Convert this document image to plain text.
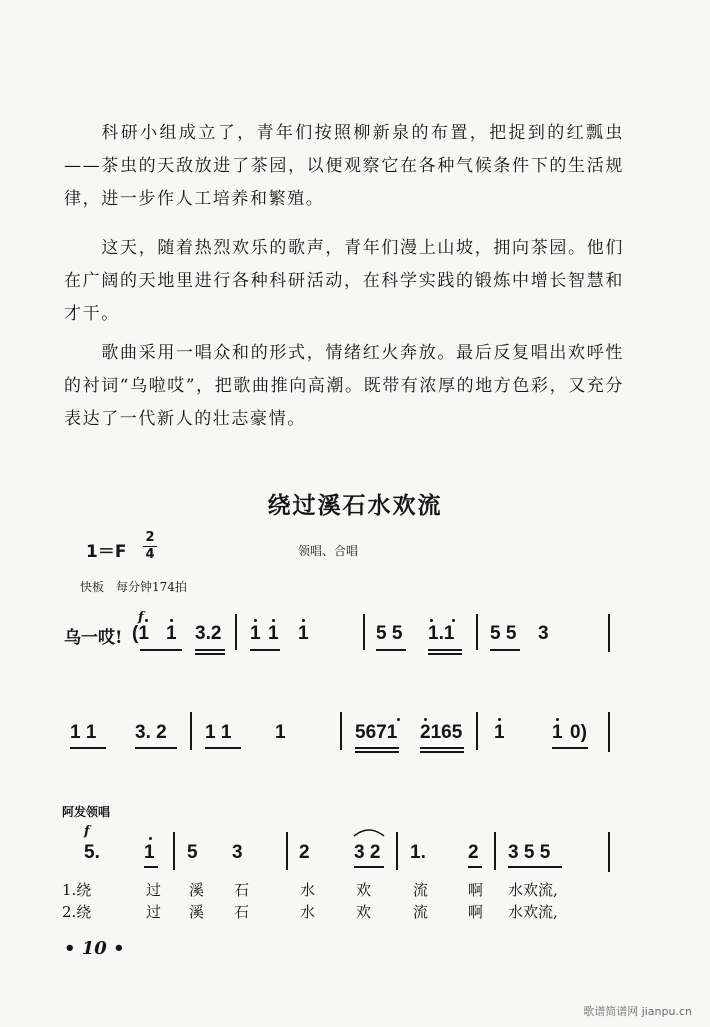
科研小组成立了，青年们按照柳新泉的布置，把捉到的红瓢虫——茶虫的天敌放进了茶园，以便观察它在各种气候条件下的生活规律，进一步作人工培养和繁殖。

这天，随着热烈欢乐的歌声，青年们漫上山坡，拥向茶园。他们在广阔的天地里进行各种科研活动，在科学实践的锻炼中增长智慧和才干。

歌曲采用一唱众和的形式，情绪红火奔放。最后反复唱出欢呼性的衬词“乌啦哎”，把歌曲推向高潮。既带有浓厚的地方色彩，又充分表达了一代新人的壮志豪情。

绕过溪石水欢流
1＝F
2
4	领唱、合唱
快板　每分钟174拍
f
乌一哎! (1 1 3.2 1 1 1	5 5 1.1 5 5 3
1 1 3. 2 1 1 1	5671 2165 1 1 0)
阿发领唱
f
5. 1 5 3	2 3 2 1. 2 3 5 5
1.绕	过 溪 石	水	欢	流	啊 水欢流,
2.绕	过 溪 石	水	欢	流	啊 水欢流,
• 10 •
歌谱简谱网 jianpu.cn
